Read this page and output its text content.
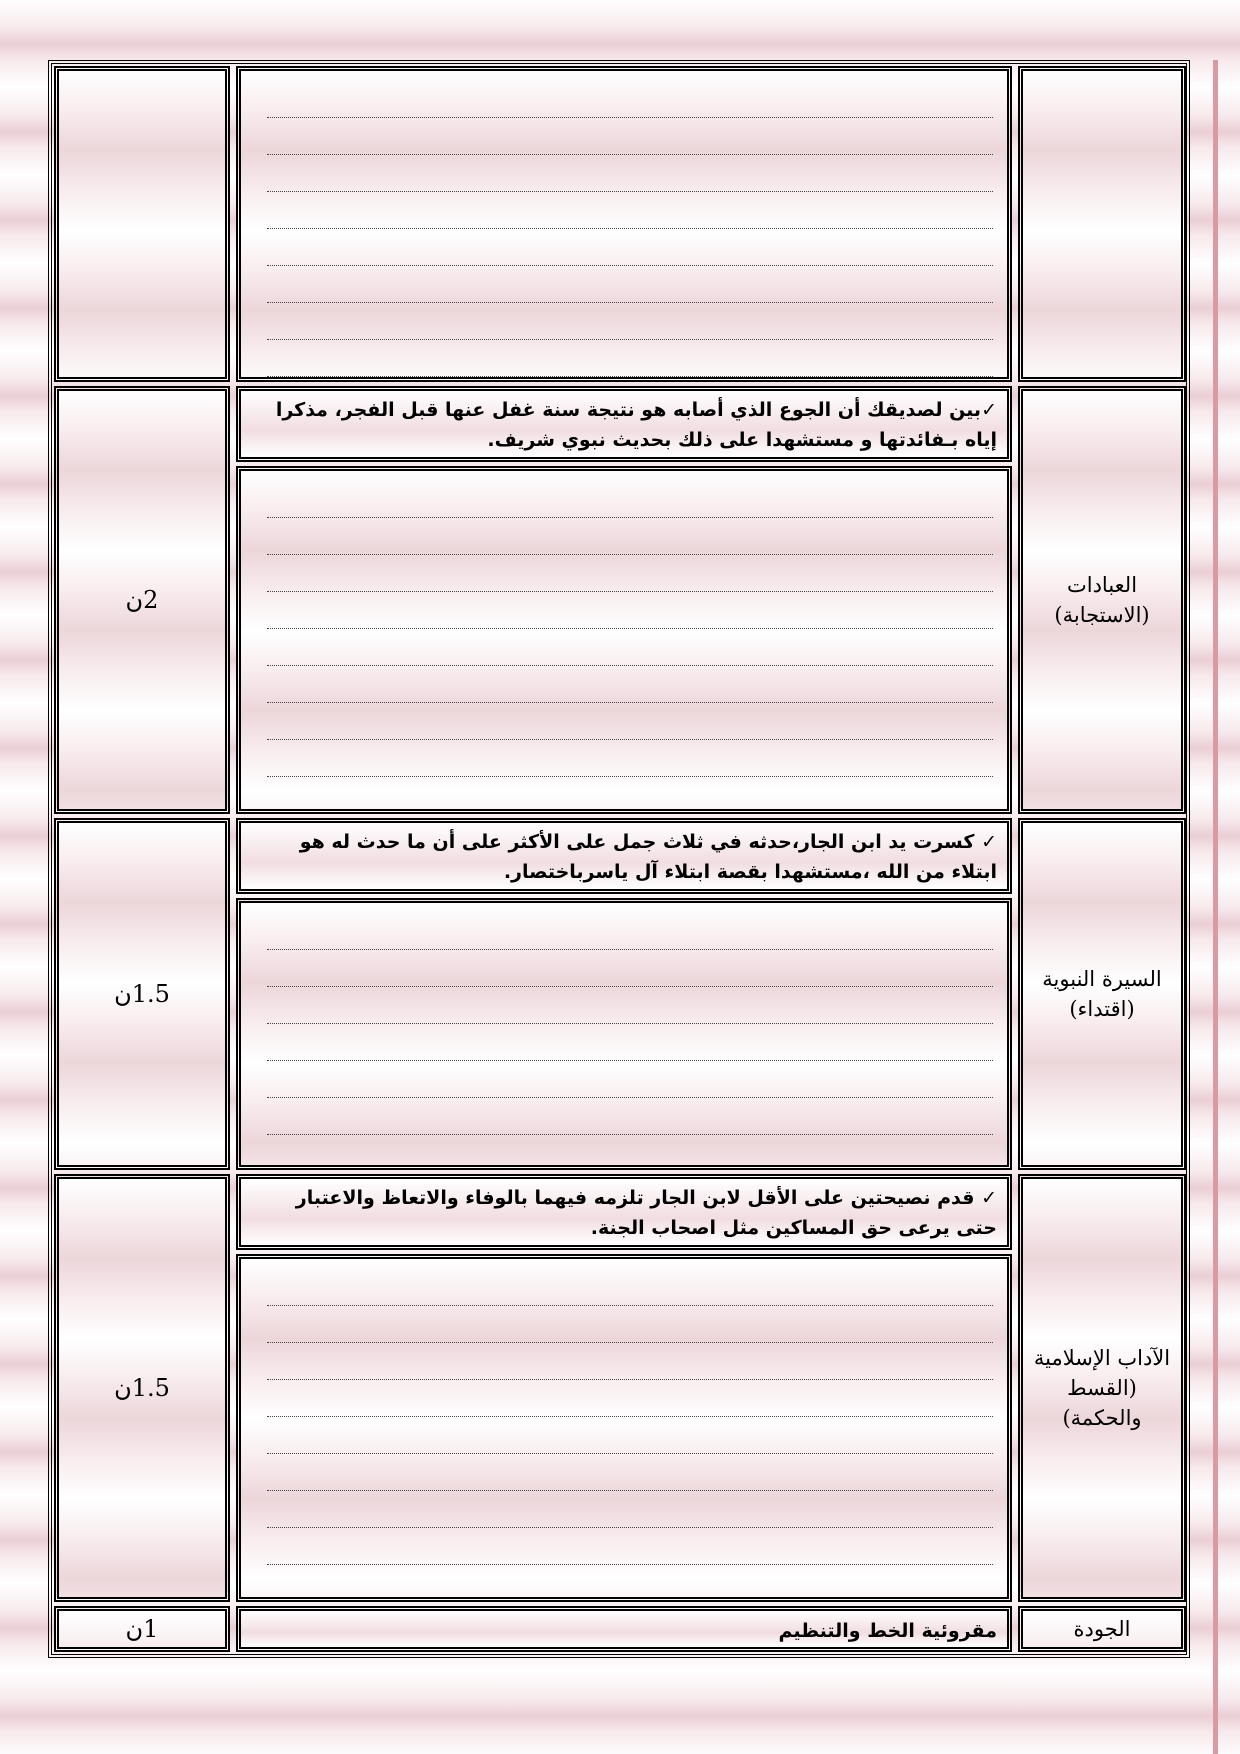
العبادات
(الاستجابة)
✓بين لصديقك أن الجوع الذي أصابه هو نتيجة سنة غفل عنها قبل الفجر، مذكرا إياه بـفائدتها و مستشهدا على ذلك بحديث نبوي شريف.
2ن
السيرة النبوية
(اقتداء)
✓ كسرت يد ابن الجار،حدثه في ثلاث جمل على الأكثر على أن ما حدث له هو ابتلاء من الله ،مستشهدا بقصة ابتلاء آل ياسرباختصار.
1.5ن
الآداب الإسلامية
(القسط
والحكمة)
✓ قدم نصيحتين على الأقل لابن الجار تلزمه فيهما بالوفاء والاتعاظ والاعتبار حتى يرعى حق المساكين مثل اصحاب الجنة.
1.5ن
الجودة
مقروئية الخط والتنظيم
1ن
